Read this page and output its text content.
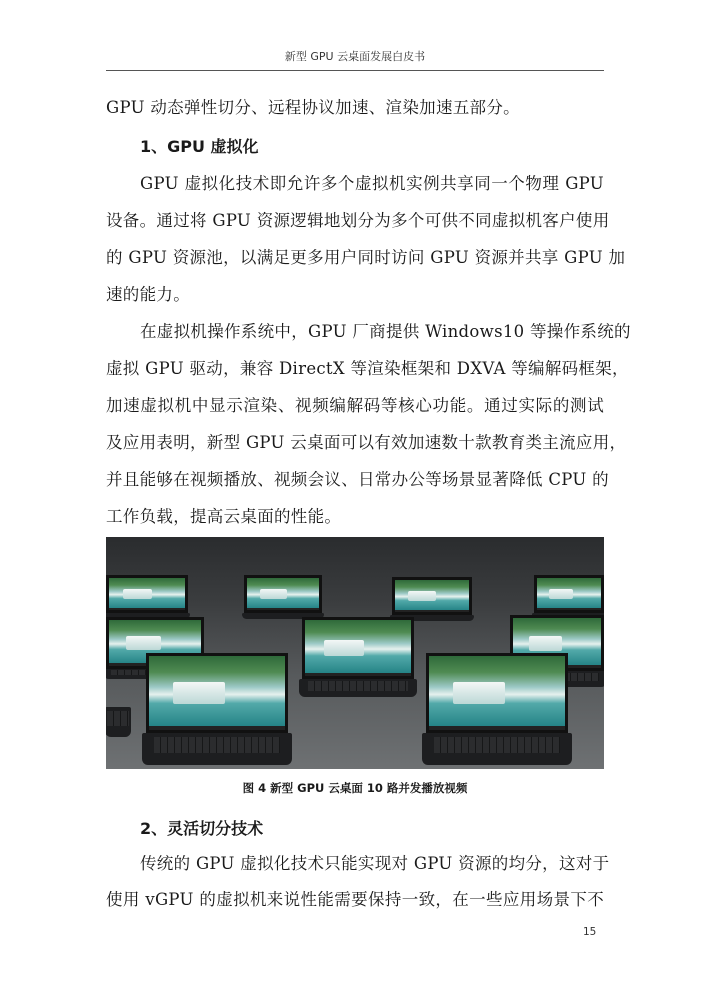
新型 GPU 云桌面发展白皮书
GPU 动态弹性切分、远程协议加速、渲染加速五部分。
1、GPU 虚拟化
GPU 虚拟化技术即允许多个虚拟机实例共享同一个物理 GPU
设备。通过将 GPU 资源逻辑地划分为多个可供不同虚拟机客户使用
的 GPU 资源池，以满足更多用户同时访问 GPU 资源并共享 GPU 加
速的能力。
在虚拟机操作系统中，GPU 厂商提供 Windows10 等操作系统的
虚拟 GPU 驱动，兼容 DirectX 等渲染框架和 DXVA 等编解码框架，
加速虚拟机中显示渲染、视频编解码等核心功能。通过实际的测试
及应用表明，新型 GPU 云桌面可以有效加速数十款教育类主流应用，
并且能够在视频播放、视频会议、日常办公等场景显著降低 CPU 的
工作负载，提高云桌面的性能。
图 4 新型 GPU 云桌面 10 路并发播放视频
2、灵活切分技术
传统的 GPU 虚拟化技术只能实现对 GPU 资源的均分，这对于
使用 vGPU 的虚拟机来说性能需要保持一致，在一些应用场景下不
15
